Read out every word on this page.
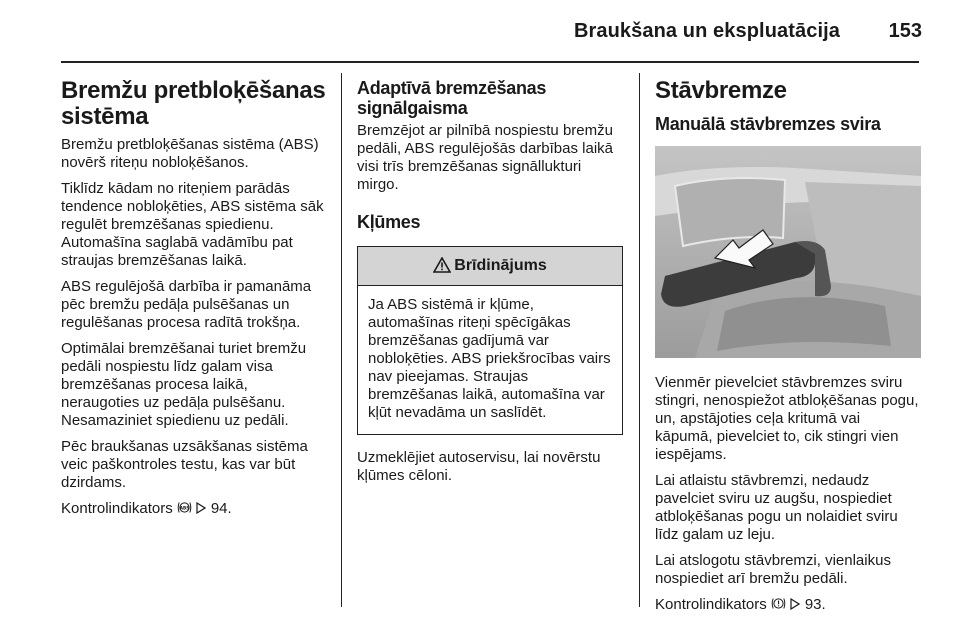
Braukšana un ekspluatācija	153
Bremžu pretbloķēšanas sistēma

Bremžu pretbloķēšanas sistēma (ABS) novērš riteņu nobloķēšanos.

Tiklīdz kādam no riteņiem parādās tendence nobloķēties, ABS sistēma sāk regulēt bremzēšanas spiedienu. Automašīna saglabā vadāmību pat straujas bremzēšanas laikā.

ABS regulējošā darbība ir pamanāma pēc bremžu pedāļa pulsēšanas un regulēšanas procesa radītā trokšņa.

Optimālai bremzēšanai turiet bremžu pedāli nospiestu līdz galam visa bremzēšanas procesa laikā, neraugoties uz pedāļa pulsēšanu. Nesamaziniet spiedienu uz pedāli.

Pēc braukšanas uzsākšanas sistēma veic paškontroles testu, kas var būt dzirdams.

Kontrolindikators ABS 94.

Adaptīvā bremzēšanas signālgaisma

Bremzējot ar pilnībā nospiestu bremžu pedāli, ABS regulējošās darbības laikā visi trīs bremzēšanas signāllukturi mirgo.

Kļūmes
Brīdinājums

Ja ABS sistēmā ir kļūme, automašīnas riteņi spēcīgākas bremzēšanas gadījumā var nobloķēties. ABS priekšrocības vairs nav pieejamas. Straujas bremzēšanas laikā, automašīna var kļūt nevadāma un saslīdēt.

Uzmeklējiet autoservisu, lai novērstu kļūmes cēloni.

Stāvbremze
Manuālā stāvbremzes svira

Vienmēr pievelciet stāvbremzes sviru stingri, nenospiežot atbloķēšanas pogu, un, apstājoties ceļa kritumā vai kāpumā, pievelciet to, cik stingri vien iespējams.

Lai atlaistu stāvbremzi, nedaudz pavelciet sviru uz augšu, nospiediet atbloķēšanas pogu un nolaidiet sviru līdz galam uz leju.

Lai atslogotu stāvbremzi, vienlaikus nospiediet arī bremžu pedāli.

Kontrolindikators	93.
